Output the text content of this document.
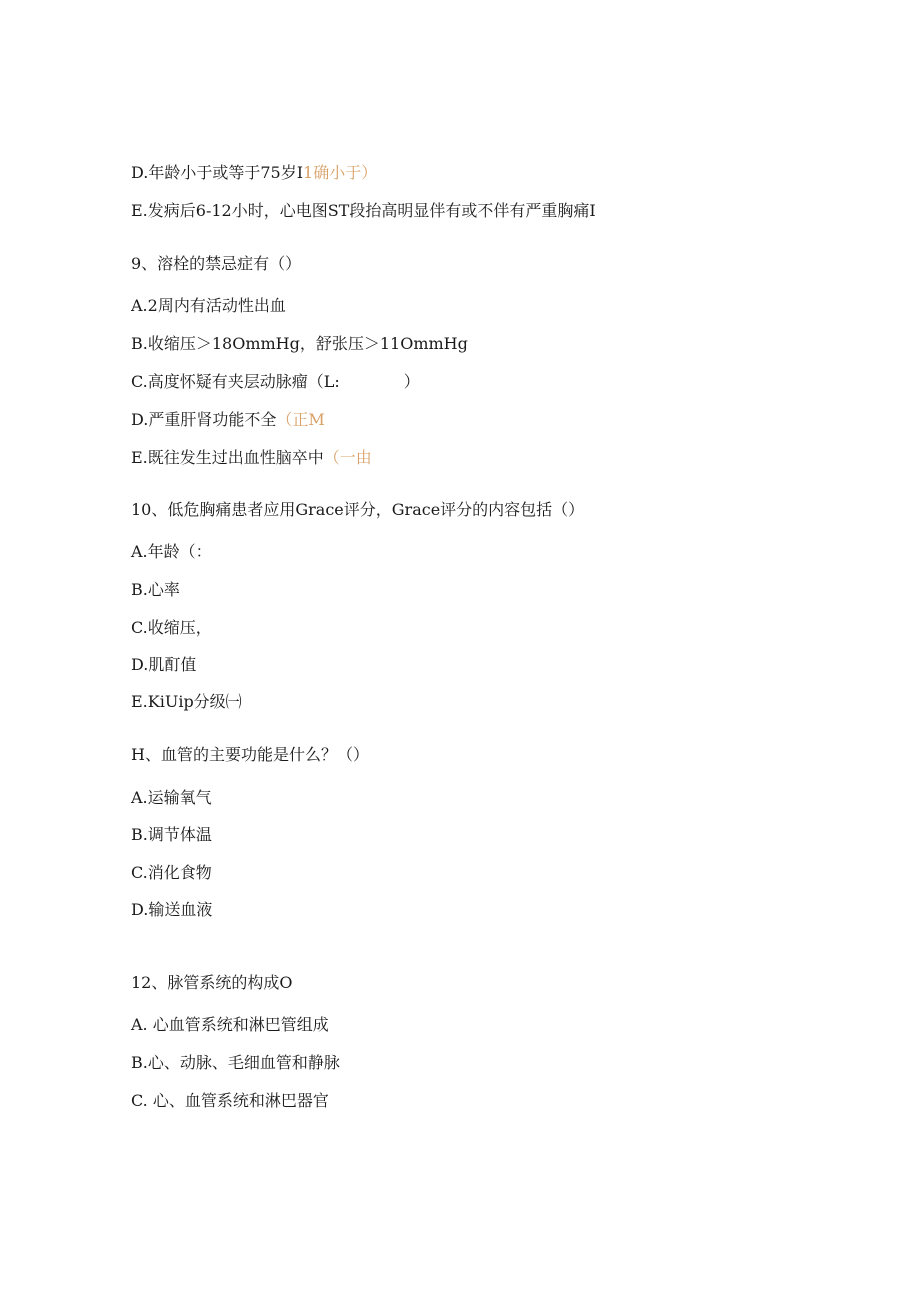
D.年龄小于或等于75岁I1确小于）
E.发病后6-12小时，心电图ST段抬高明显伴有或不伴有严重胸痛I
9、溶栓的禁忌症有（）
A.2周内有活动性出血
B.收缩压＞18OmmHg，舒张压＞11OmmHg
C.高度怀疑有夹层动脉瘤（L:　　　　）
D.严重肝肾功能不全（正M
E.既往发生过出血性脑卒中（一由
10、低危胸痛患者应用Grace评分，Grace评分的内容包括（）
A.年龄（：
B.心率
C.收缩压，
D.肌酊值
E.KiUip分级㈠
H、血管的主要功能是什么？（）
A.运输氧气
B.调节体温
C.消化食物
D.输送血液
12、脉管系统的构成O
A. 心血管系统和淋巴管组成
B.心、动脉、毛细血管和静脉
C. 心、血管系统和淋巴器官
